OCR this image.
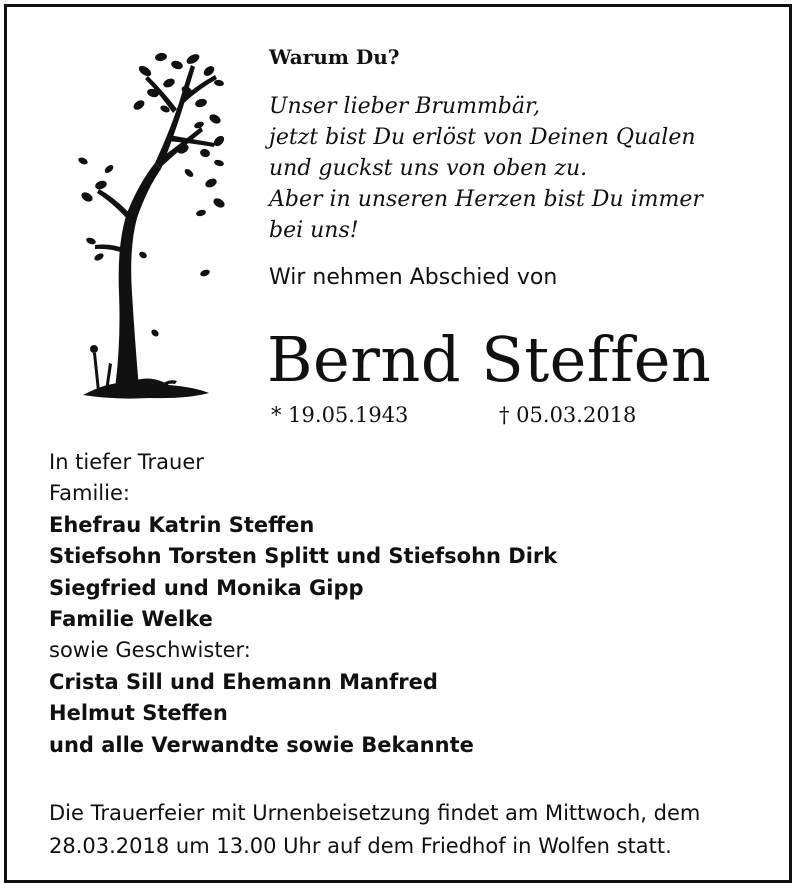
Warum Du?
Unser lieber Brummbär,
jetzt bist Du erlöst von Deinen Qualen
und guckst uns von oben zu.
Aber in unseren Herzen bist Du immer
bei uns!
Wir nehmen Abschied von
Bernd Steffen
* 19.05.1943	† 05.03.2018
In tiefer Trauer
Familie:
Ehefrau Katrin Steffen
Stiefsohn Torsten Splitt und Stiefsohn Dirk
Siegfried und Monika Gipp
Familie Welke
sowie Geschwister:
Crista Sill und Ehemann Manfred
Helmut Steffen
und alle Verwandte sowie Bekannte
Die Trauerfeier mit Urnenbeisetzung findet am Mittwoch, dem
28.03.2018 um 13.00 Uhr auf dem Friedhof in Wolfen statt.
